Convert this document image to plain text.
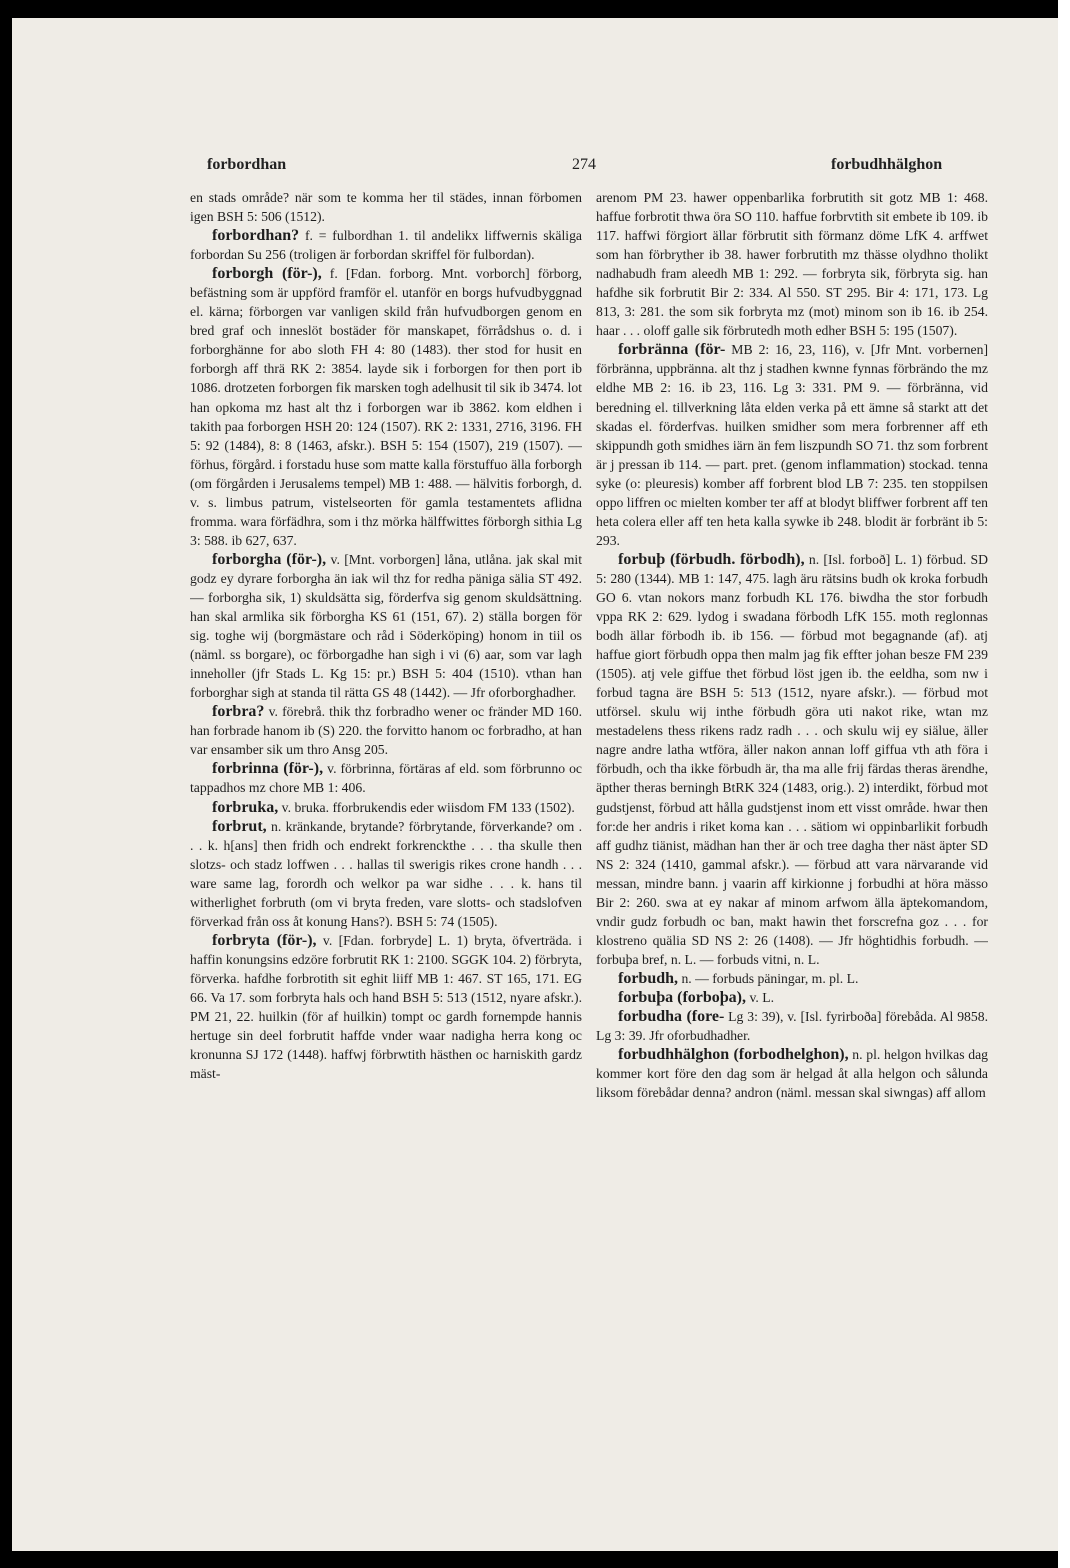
forbordhan	274	forbudhhälghon

en stads område? när som te komma her til städes, innan förbomen igen BSH 5: 506 (1512).

forbordhan? f. = fulbordhan 1. til andelikx liffwernis skäliga forbordan Su 256 (troligen är forbordan skriffel för fulbordan).

forborgh (för-), f. [Fdan. forborg. Mnt. vorborch] förborg, befästning som är uppförd framför el. utanför en borgs hufvudbyggnad el. kärna; förborgen var vanligen skild från hufvudborgen genom en bred graf och inneslöt bostäder för manskapet, förrådshus o. d. i forborghänne for abo sloth FH 4: 80 (1483). ther stod for husit en forborgh aff thrä RK 2: 3854. layde sik i forborgen for then port ib 1086. drotzeten forborgen fik marsken togh adelhusit til sik ib 3474. lot han opkoma mz hast alt thz i forborgen war ib 3862. kom eldhen i takith paa forborgen HSH 20: 124 (1507). RK 2: 1331, 2716, 3196. FH 5: 92 (1484), 8: 8 (1463, afskr.). BSH 5: 154 (1507), 219 (1507). — förhus, förgård. i forstadu huse som matte kalla förstuffuo älla forborgh (om förgården i Jerusalems tempel) MB 1: 488. — hälvitis forborgh, d. v. s. limbus patrum, vistelseorten för gamla testamentets aflidna fromma. wara förfädhra, som i thz mörka hälffwittes förborgh sithia Lg 3: 588. ib 627, 637.

forborgha (för-), v. [Mnt. vorborgen] låna, utlåna. jak skal mit godz ey dyrare forborgha än iak wil thz for redha päniga sälia ST 492. — forborgha sik, 1) skuldsätta sig, förderfva sig genom skuldsättning. han skal armlika sik förborgha KS 61 (151, 67). 2) ställa borgen för sig. toghe wij (borgmästare och råd i Söderköping) honom in tiil os (näml. ss borgare), oc förborgadhe han sigh i vi (6) aar, som var lagh inneholler (jfr Stads L. Kg 15: pr.) BSH 5: 404 (1510). vthan han forborghar sigh at standa til rätta GS 48 (1442). — Jfr oforborghadher.

forbra? v. förebrå. thik thz forbradho wener oc fränder MD 160. han forbrade hanom ib (S) 220. the forvitto hanom oc forbradho, at han var ensamber sik um thro Ansg 205.

forbrinna (för-), v. förbrinna, förtäras af eld. som förbrunno oc tappadhos mz chore MB 1: 406.

forbruka, v. bruka. fforbrukendis eder wiisdom FM 133 (1502).

forbrut, n. kränkande, brytande? förbrytande, förverkande? om . . . k. h[ans] then fridh och endrekt forkrenckthe . . . tha skulle then slotzs- och stadz loffwen . . . hallas til swerigis rikes crone handh . . . ware same lag, forordh och welkor pa war sidhe . . . k. hans til witherlighet forbruth (om vi bryta freden, vare slotts- och stadslofven förverkad från oss åt konung Hans?). BSH 5: 74 (1505).

forbryta (för-), v. [Fdan. forbryde] L. 1) bryta, öfverträda. i haffin konungsins edzöre forbrutit RK 1: 2100. SGGK 104. 2) förbryta, förverka. hafdhe forbrotith sit eghit liiff MB 1: 467. ST 165, 171. EG 66. Va 17. som forbryta hals och hand BSH 5: 513 (1512, nyare afskr.). PM 21, 22. huilkin (för af huilkin) tompt oc gardh fornempde hannis hertuge sin deel forbrutit haffde vnder waar nadigha herra kong oc kronunna SJ 172 (1448). haffwj förbrwtith hästhen oc harniskith gardz mäst-

arenom PM 23. hawer oppenbarlika forbrutith sit gotz MB 1: 468. haffue forbrotit thwa öra SO 110. haffue forbrvtith sit embete ib 109. ib 117. haffwi förgiort ällar förbrutit sith förmanz döme LfK 4. arffwet som han förbryther ib 38. hawer forbrutith mz thässe olydhno tholikt nadhabudh fram aleedh MB 1: 292. — forbryta sik, förbryta sig. han hafdhe sik forbrutit Bir 2: 334. Al 550. ST 295. Bir 4: 171, 173. Lg 813, 3: 281. the som sik forbryta mz (mot) minom son ib 16. ib 254. haar . . . oloff galle sik förbrutedh moth edher BSH 5: 195 (1507).

forbränna (för- MB 2: 16, 23, 116), v. [Jfr Mnt. vorbernen] förbränna, uppbränna. alt thz j stadhen kwnne fynnas förbrändo the mz eldhe MB 2: 16. ib 23, 116. Lg 3: 331. PM 9. — förbränna, vid beredning el. tillverkning låta elden verka på ett ämne så starkt att det skadas el. förderfvas. huilken smidher som mera forbrenner aff eth skippundh goth smidhes iärn än fem liszpundh SO 71. thz som forbrent är j pressan ib 114. — part. pret. (genom inflammation) stockad. tenna syke (o: pleuresis) komber aff forbrent blod LB 7: 235. ten stoppilsen oppo liffren oc mielten komber ter aff at blodyt bliffwer forbrent aff ten heta colera eller aff ten heta kalla sywke ib 248. blodit är forbränt ib 5: 293.

forbuþ (förbudh. förbodh), n. [Isl. forboð] L. 1) förbud. SD 5: 280 (1344). MB 1: 147, 475. lagh äru rätsins budh ok kroka forbudh GO 6. vtan nokors manz forbudh KL 176. biwdha the stor forbudh vppa RK 2: 629. lydog i swadana förbodh LfK 155. moth reglonnas bodh ällar förbodh ib. ib 156. — förbud mot begagnande (af). atj haffue giort förbudh oppa then malm jag fik effter johan besze FM 239 (1505). atj vele giffue thet förbud löst jgen ib. the eeldha, som nw i forbud tagna äre BSH 5: 513 (1512, nyare afskr.). — förbud mot utförsel. skulu wij inthe förbudh göra uti nakot rike, wtan mz mestadelens thess rikens radz radh . . . och skulu wij ey siälue, äller nagre andre latha wtföra, äller nakon annan loff giffua vth ath föra i förbudh, och tha ikke förbudh är, tha ma alle frij färdas theras ärendhe, äpther theras berningh BtRK 324 (1483, orig.). 2) interdikt, förbud mot gudstjenst, förbud att hålla gudstjenst inom ett visst område. hwar then for:de her andris i riket koma kan . . . sätiom wi oppinbarlikit forbudh aff gudhz tiänist, mädhan han ther är och tree dagha ther näst äpter SD NS 2: 324 (1410, gammal afskr.). — förbud att vara närvarande vid messan, mindre bann. j vaarin aff kirkionne j forbudhi at höra mässo Bir 2: 260. swa at ey nakar af minom arfwom älla äptekomandom, vndir gudz forbudh oc ban, makt hawin thet forscrefna goz . . . for klostreno quälia SD NS 2: 26 (1408). — Jfr höghtidhis forbudh. — forbuþa bref, n. L. — forbuds vitni, n. L.

forbudh, n. — forbuds päningar, m. pl. L.

forbuþa (forboþa), v. L.

forbudha (fore- Lg 3: 39), v. [Isl. fyrirboða] förebåda. Al 9858. Lg 3: 39. Jfr oforbudhadher.

forbudhhälghon (forbodhelghon), n. pl. helgon hvilkas dag kommer kort före den dag som är helgad åt alla helgon och sålunda liksom förebådar denna? andron (näml. messan skal siwngas) aff allom
